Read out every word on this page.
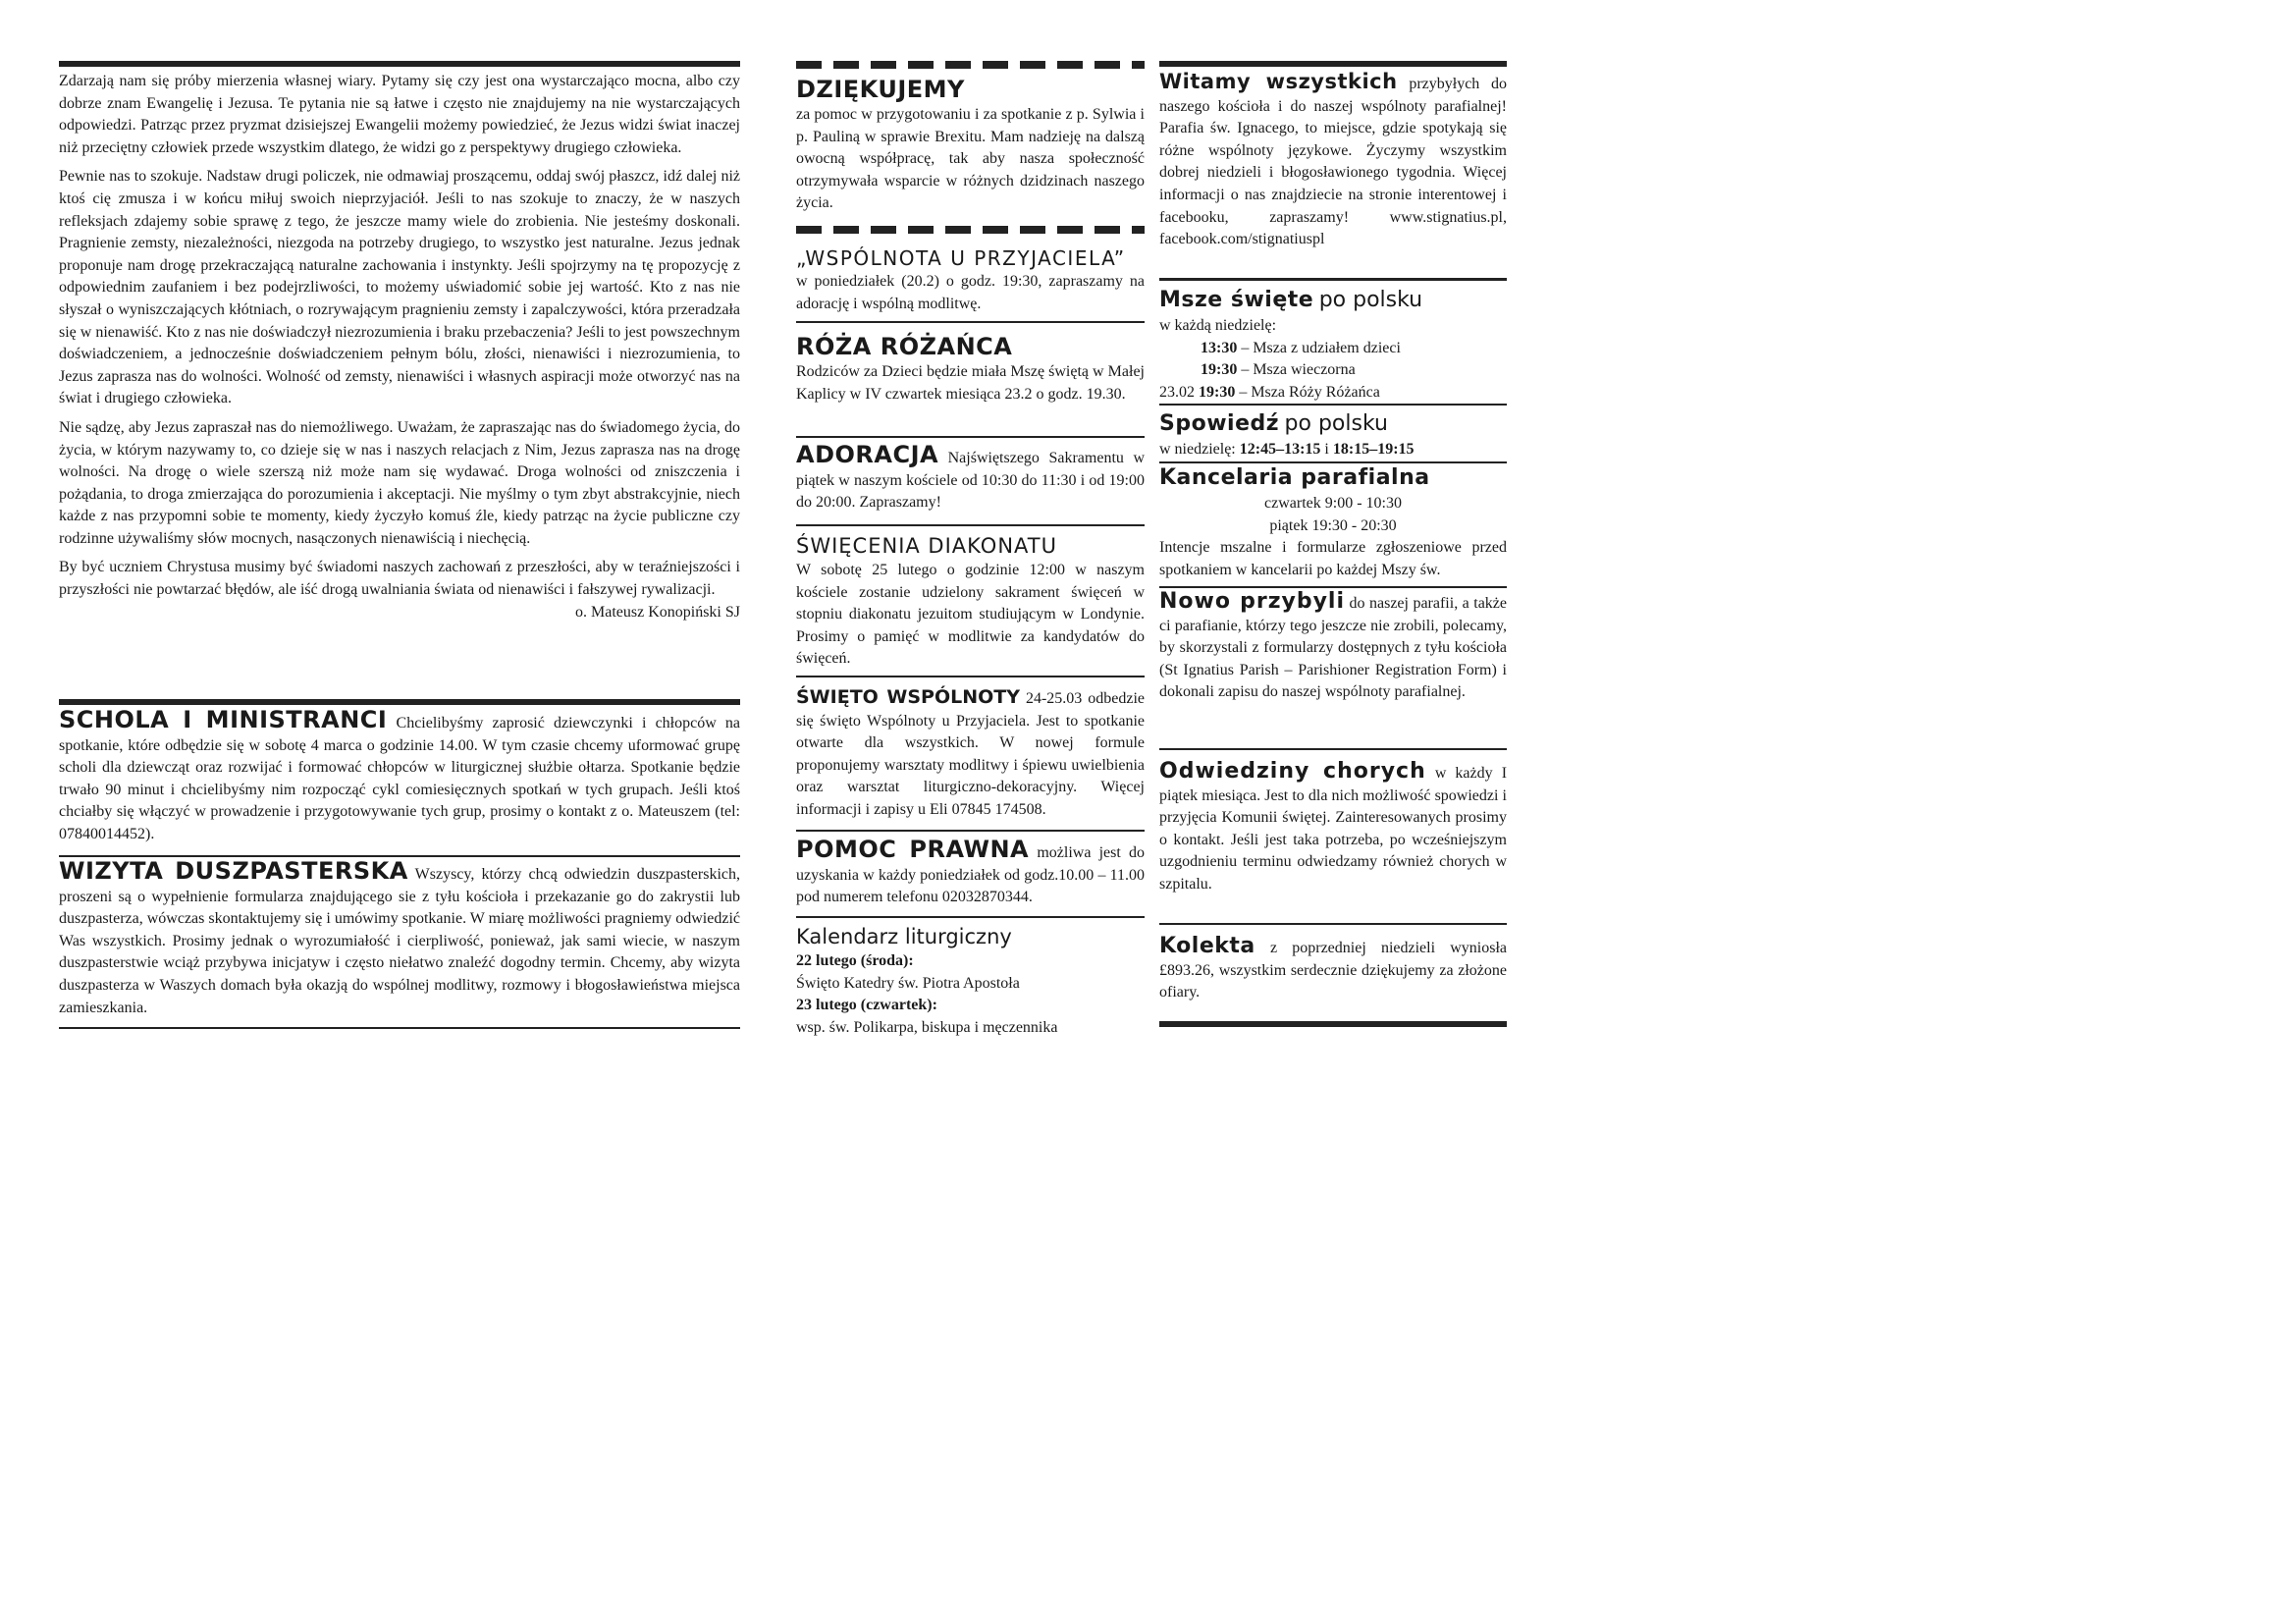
Zdarzają nam się próby mierzenia własnej wiary. Pytamy się czy jest ona wystarczająco mocna, albo czy dobrze znam Ewangelię i Jezusa. Te pytania nie są łatwe i często nie znajdujemy na nie wystarczających odpowiedzi. Patrząc przez pryzmat dzisiejszej Ewangelii możemy powiedzieć, że Jezus widzi świat inaczej niż przeciętny człowiek przede wszystkim dlatego, że widzi go z perspektywy drugiego człowieka.

Pewnie nas to szokuje. Nadstaw drugi policzek, nie odmawiaj proszącemu, oddaj swój płaszcz, idź dalej niż ktoś cię zmusza i w końcu miłuj swoich nieprzyjaciół. Jeśli to nas szokuje to znaczy, że w naszych refleksjach zdajemy sobie sprawę z tego, że jeszcze mamy wiele do zrobienia. Nie jesteśmy doskonali. Pragnienie zemsty, niezależności, niezgoda na potrzeby drugiego, to wszystko jest naturalne. Jezus jednak proponuje nam drogę przekraczającą naturalne zachowania i instynkty. Jeśli spojrzymy na tę propozycję z odpowiednim zaufaniem i bez podejrzliwości, to możemy uświadomić sobie jej wartość. Kto z nas nie słyszał o wyniszczających kłótniach, o rozrywającym pragnieniu zemsty i zapalczywości, która przeradzała się w nienawiść. Kto z nas nie doświadczył niezrozumienia i braku przebaczenia? Jeśli to jest powszechnym doświadczeniem, a jednocześnie doświadczeniem pełnym bólu, złości, nienawiści i niezrozumienia, to Jezus zaprasza nas do wolności. Wolność od zemsty, nienawiści i własnych aspiracji może otworzyć nas na świat i drugiego człowieka.

Nie sądzę, aby Jezus zapraszał nas do niemożliwego. Uważam, że zapraszając nas do świadomego życia, do życia, w którym nazywamy to, co dzieje się w nas i naszych relacjach z Nim, Jezus zaprasza nas na drogę wolności. Na drogę o wiele szerszą niż może nam się wydawać. Droga wolności od zniszczenia i pożądania, to droga zmierzająca do porozumienia i akceptacji. Nie myślmy o tym zbyt abstrakcyjnie, niech każde z nas przypomni sobie te momenty, kiedy życzyło komuś źle, kiedy patrząc na życie publiczne czy rodzinne używaliśmy słów mocnych, nasączonych nienawiścią i niechęcią.

By być uczniem Chrystusa musimy być świadomi naszych zachowań z przeszłości, aby w teraźniejszości i przyszłości nie powtarzać błędów, ale iść drogą uwalniania świata od nienawiści i fałszywej rywalizacji.

o. Mateusz Konopiński SJ

SCHOLA I MINISTRANCI Chcielibyśmy zaprosić dziewczynki i chłopców na spotkanie, które odbędzie się w sobotę 4 marca o godzinie 14.00. W tym czasie chcemy uformować grupę scholi dla dziewcząt oraz rozwijać i formować chłopców w liturgicznej służbie ołtarza. Spotkanie będzie trwało 90 minut i chcielibyśmy nim rozpocząć cykl comiesięcznych spotkań w tych grupach. Jeśli ktoś chciałby się włączyć w prowadzenie i przygotowywanie tych grup, prosimy o kontakt z o. Mateuszem (tel: 07840014452).
WIZYTA DUSZPASTERSKA Wszyscy, którzy chcą odwiedzin duszpasterskich, proszeni są o wypełnienie formularza znajdującego sie z tyłu kościoła i przekazanie go do zakrystii lub duszpasterza, wówczas skontaktujemy się i umówimy spotkanie. W miarę możliwości pragniemy odwiedzić Was wszystkich. Prosimy jednak o wyrozumiałość i cierpliwość, ponieważ, jak sami wiecie, w naszym duszpasterstwie wciąż przybywa inicjatyw i często niełatwo znaleźć dogodny termin. Chcemy, aby wizyta duszpasterza w Waszych domach była okazją do wspólnej modlitwy, rozmowy i błogosławieństwa miejsca zamieszkania.
DZIĘKUJEMY

za pomoc w przygotowaniu i za spotkanie z p. Sylwia i p. Pauliną w sprawie Brexitu. Mam nadzieję na dalszą owocną współpracę, tak aby nasza społeczność otrzymywała wsparcie w różnych dzidzinach naszego życia.

„WSPÓLNOTA U PRZYJACIELA”

w poniedziałek (20.2) o godz. 19:30, zapraszamy na adorację i wspólną modlitwę.

RÓŻA RÓŻAŃCA

Rodziców za Dzieci będzie miała Mszę świętą w Małej Kaplicy w IV czwartek miesiąca 23.2 o godz. 19.30.

ADORACJA Najświętszego Sakramentu w piątek w naszym kościele od 10:30 do 11:30 i od 19:00 do 20:00. Zapraszamy!
ŚWIĘCENIA DIAKONATU

W sobotę 25 lutego o godzinie 12:00 w naszym kościele zostanie udzielony sakrament święceń w stopniu diakonatu jezuitom studiującym w Londynie. Prosimy o pamięć w modlitwie za kandydatów do święceń.

ŚWIĘTO WSPÓLNOTY 24-25.03 odbedzie się święto Wspólnoty u Przyjaciela. Jest to spotkanie otwarte dla wszystkich. W nowej formule proponujemy warsztaty modlitwy i śpiewu uwielbienia oraz warsztat liturgiczno-dekoracyjny. Więcej informacji i zapisy u Eli 07845 174508.
POMOC PRAWNA możliwa jest do uzyskania w każdy poniedziałek od godz.10.00 – 11.00 pod numerem telefonu 02032870344.
Kalendarz liturgiczny
22 lutego (środa):
Święto Katedry św. Piotra Apostoła
23 lutego (czwartek):
wsp. św. Polikarpa, biskupa i męczennika
Witamy wszystkich przybyłych do naszego kościoła i do naszej wspólnoty parafialnej! Parafia św. Ignacego, to miejsce, gdzie spotykają się różne wspólnoty językowe. Życzymy wszystkim dobrej niedzieli i błogosławionego tygodnia. Więcej informacji o nas znajdziecie na stronie interentowej i facebooku, zapraszamy! www.stignatius.pl, facebook.com/stignatiuspl
Msze święte po polsku
w każdą niedzielę:
13:30 – Msza z udziałem dzieci
19:30 – Msza wieczorna
23.02 19:30 – Msza Róży Różańca
Spowiedź po polsku
w niedzielę: 12:45–13:15 i 18:15–19:15
Kancelaria parafialna
czwartek 9:00 - 10:30
piątek 19:30 - 20:30

Intencje mszalne i formularze zgłoszeniowe przed spotkaniem w kancelarii po każdej Mszy św.

Nowo przybyli do naszej parafii, a także ci parafianie, którzy tego jeszcze nie zrobili, polecamy, by skorzystali z formularzy dostępnych z tyłu kościoła (St Ignatius Parish – Parishioner Registration Form) i dokonali zapisu do naszej wspólnoty parafialnej.
Odwiedziny chorych w każdy I piątek miesiąca. Jest to dla nich możliwość spowiedzi i przyjęcia Komunii świętej. Zainteresowanych prosimy o kontakt. Jeśli jest taka potrzeba, po wcześniejszym uzgodnieniu terminu odwiedzamy również chorych w szpitalu.
Kolekta z poprzedniej niedzieli wyniosła £893.26, wszystkim serdecznie dziękujemy za złożone ofiary.
